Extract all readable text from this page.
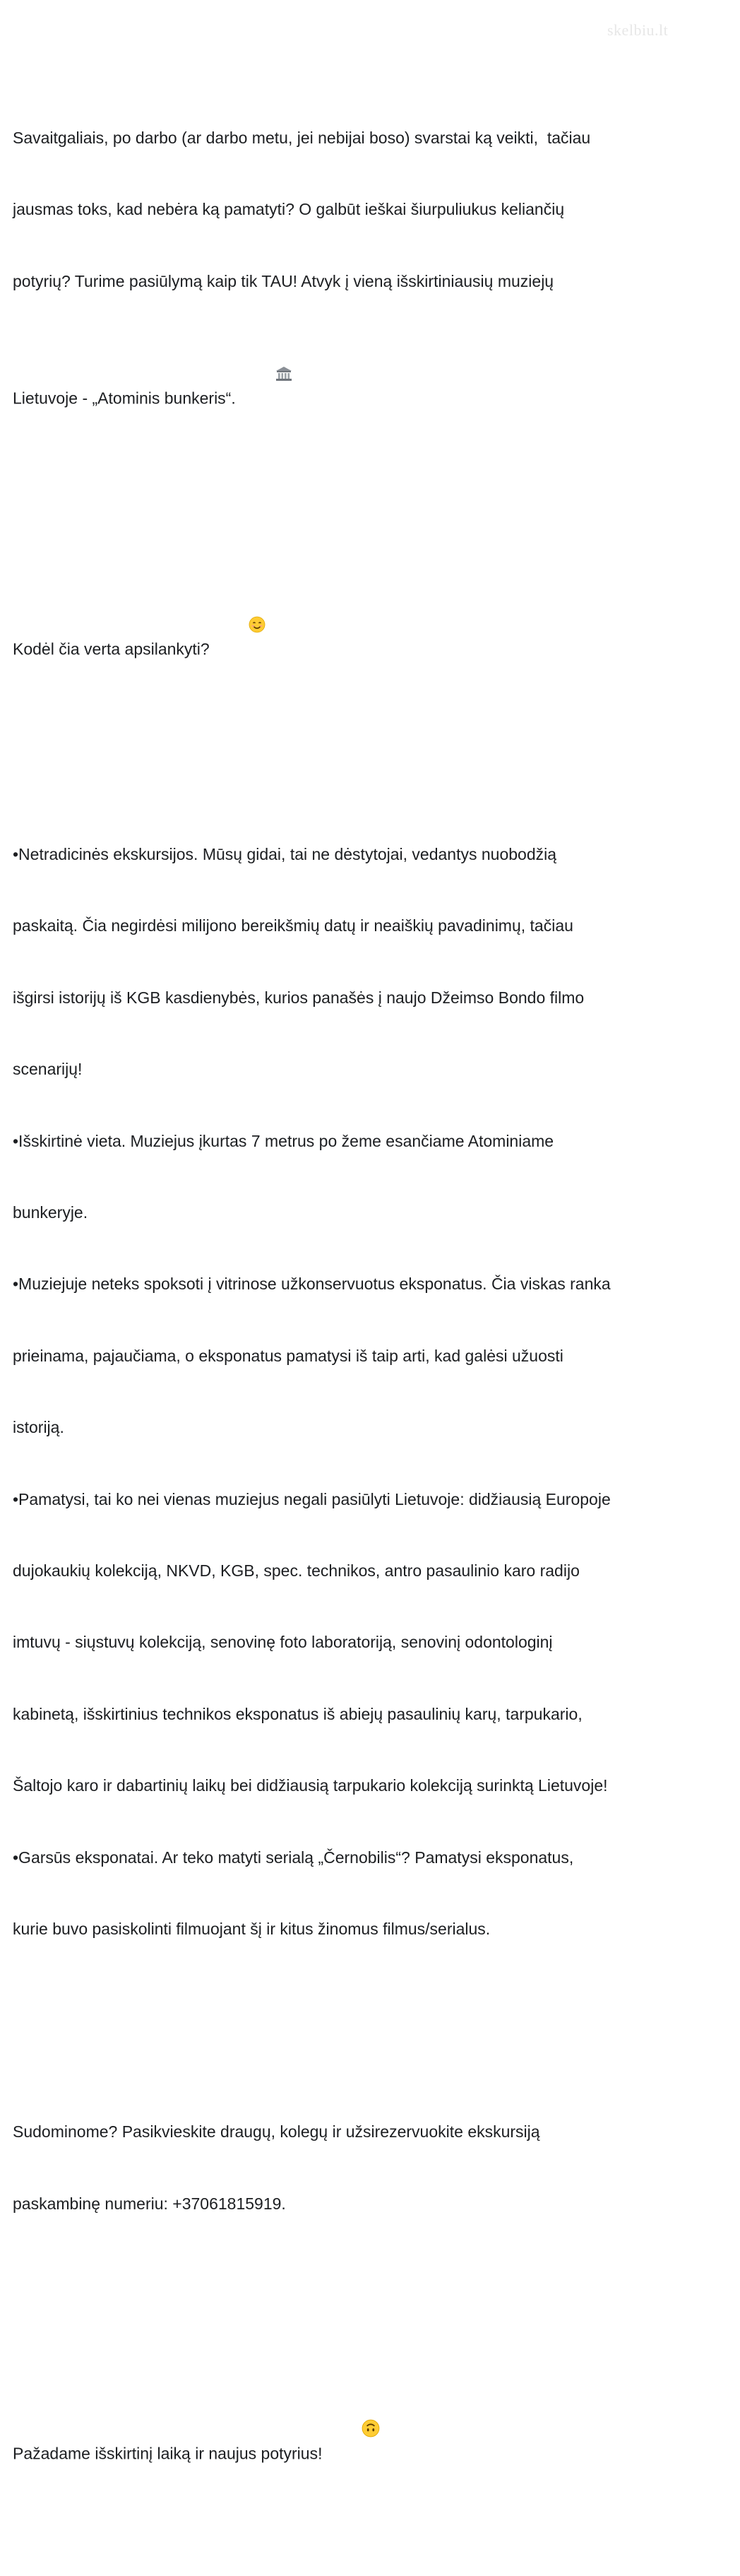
skelbiu.lt

Savaitgaliais, po darbo (ar darbo metu, jei nebijai boso) svarstai ką veikti,  tačiau

jausmas toks, kad nebėra ką pamatyti? O galbūt ieškai šiurpuliukus keliančių

potyrių? Turime pasiūlymą kaip tik TAU! Atvyk į vieną išskirtiniausių muziejų

Lietuvoje - „Atominis bunkeris“.

Kodėl čia verta apsilankyti?

•Netradicinės ekskursijos. Mūsų gidai, tai ne dėstytojai, vedantys nuobodžią

paskaitą. Čia negirdėsi milijono bereikšmių datų ir neaiškių pavadinimų, tačiau

išgirsi istorijų iš KGB kasdienybės, kurios panašės į naujo Džeimso Bondo filmo

scenarijų!

•Išskirtinė vieta. Muziejus įkurtas 7 metrus po žeme esančiame Atominiame

bunkeryje.

•Muziejuje neteks spoksoti į vitrinose užkonservuotus eksponatus. Čia viskas ranka

prieinama, pajaučiama, o eksponatus pamatysi iš taip arti, kad galėsi užuosti

istoriją.

•Pamatysi, tai ko nei vienas muziejus negali pasiūlyti Lietuvoje: didžiausią Europoje

dujokaukių kolekciją, NKVD, KGB, spec. technikos, antro pasaulinio karo radijo

imtuvų - siųstuvų kolekciją, senovinę foto laboratoriją, senovinį odontologinį

kabinetą, išskirtinius technikos eksponatus iš abiejų pasaulinių karų, tarpukario,

Šaltojo karo ir dabartinių laikų bei didžiausią tarpukario kolekciją surinktą Lietuvoje!

•Garsūs eksponatai. Ar teko matyti serialą „Černobilis“? Pamatysi eksponatus,

kurie buvo pasiskolinti filmuojant šį ir kitus žinomus filmus/serialus.

Sudominome? Pasikvieskite draugų, kolegų ir užsirezervuokite ekskursiją

paskambinę numeriu: +37061815919.

Pažadame išskirtinį laiką ir naujus potyrius!
